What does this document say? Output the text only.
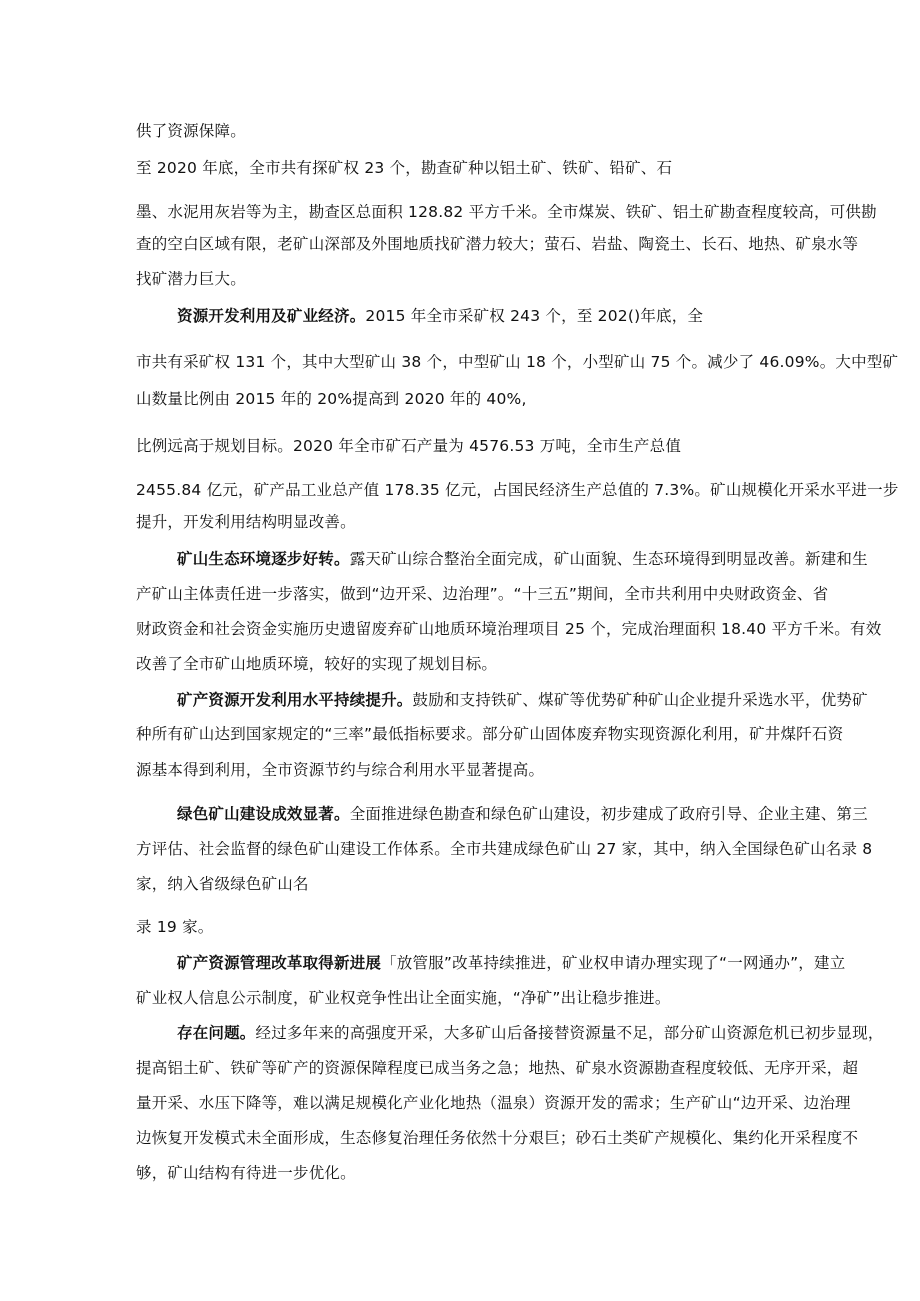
供了资源保障。
至 2020 年底，全市共有探矿权 23 个，勘查矿种以铝土矿、铁矿、铅矿、石
墨、水泥用灰岩等为主，勘查区总面积 128.82 平方千米。全市煤炭、铁矿、铝土矿勘查程度较高，可供勘
查的空白区域有限，老矿山深部及外围地质找矿潜力较大；萤石、岩盐、陶瓷土、长石、地热、矿泉水等
找矿潜力巨大。
资源开发利用及矿业经济。2015 年全市采矿权 243 个，至 202()年底，全
市共有采矿权 131 个，其中大型矿山 38 个，中型矿山 18 个，小型矿山 75 个。减少了 46.09%。大中型矿
山数量比例由 2015 年的 20%提高到 2020 年的 40%,
比例远高于规划目标。2020 年全市矿石产量为 4576.53 万吨，全市生产总值
2455.84 亿元，矿产品工业总产值 178.35 亿元，占国民经济生产总值的 7.3%。矿山规模化开采水平进一步
提升，开发利用结构明显改善。
矿山生态环境逐步好转。露天矿山综合整治全面完成，矿山面貌、生态环境得到明显改善。新建和生
产矿山主体责任进一步落实，做到“边开采、边治理”。“十三五”期间，全市共利用中央财政资金、省
财政资金和社会资金实施历史遗留废弃矿山地质环境治理项目 25 个，完成治理面积 18.40 平方千米。有效
改善了全市矿山地质环境，较好的实现了规划目标。
矿产资源开发利用水平持续提升。鼓励和支持铁矿、煤矿等优势矿种矿山企业提升采选水平，优势矿
种所有矿山达到国家规定的“三率”最低指标要求。部分矿山固体废弃物实现资源化利用，矿井煤阡石资
源基本得到利用，全市资源节约与综合利用水平显著提高。
绿色矿山建设成效显著。全面推进绿色勘查和绿色矿山建设，初步建成了政府引导、企业主建、第三
方评估、社会监督的绿色矿山建设工作体系。全市共建成绿色矿山 27 家，其中，纳入全国绿色矿山名录 8
家，纳入省级绿色矿山名
录 19 家。
矿产资源管理改革取得新进展「放管服”改革持续推进，矿业权申请办理实现了“一网通办”，建立
矿业权人信息公示制度，矿业权竞争性出让全面实施，“净矿”出让稳步推进。
存在问题。经过多年来的高强度开采，大多矿山后备接替资源量不足，部分矿山资源危机已初步显现，
提高铝土矿、铁矿等矿产的资源保障程度已成当务之急；地热、矿泉水资源勘查程度较低、无序开采，超
量开采、水压下降等，难以满足规模化产业化地热（温泉）资源开发的需求；生产矿山“边开采、边治理
边恢复开发模式未全面形成，生态修复治理任务依然十分艰巨；砂石土类矿产规模化、集约化开采程度不
够，矿山结构有待进一步优化。
